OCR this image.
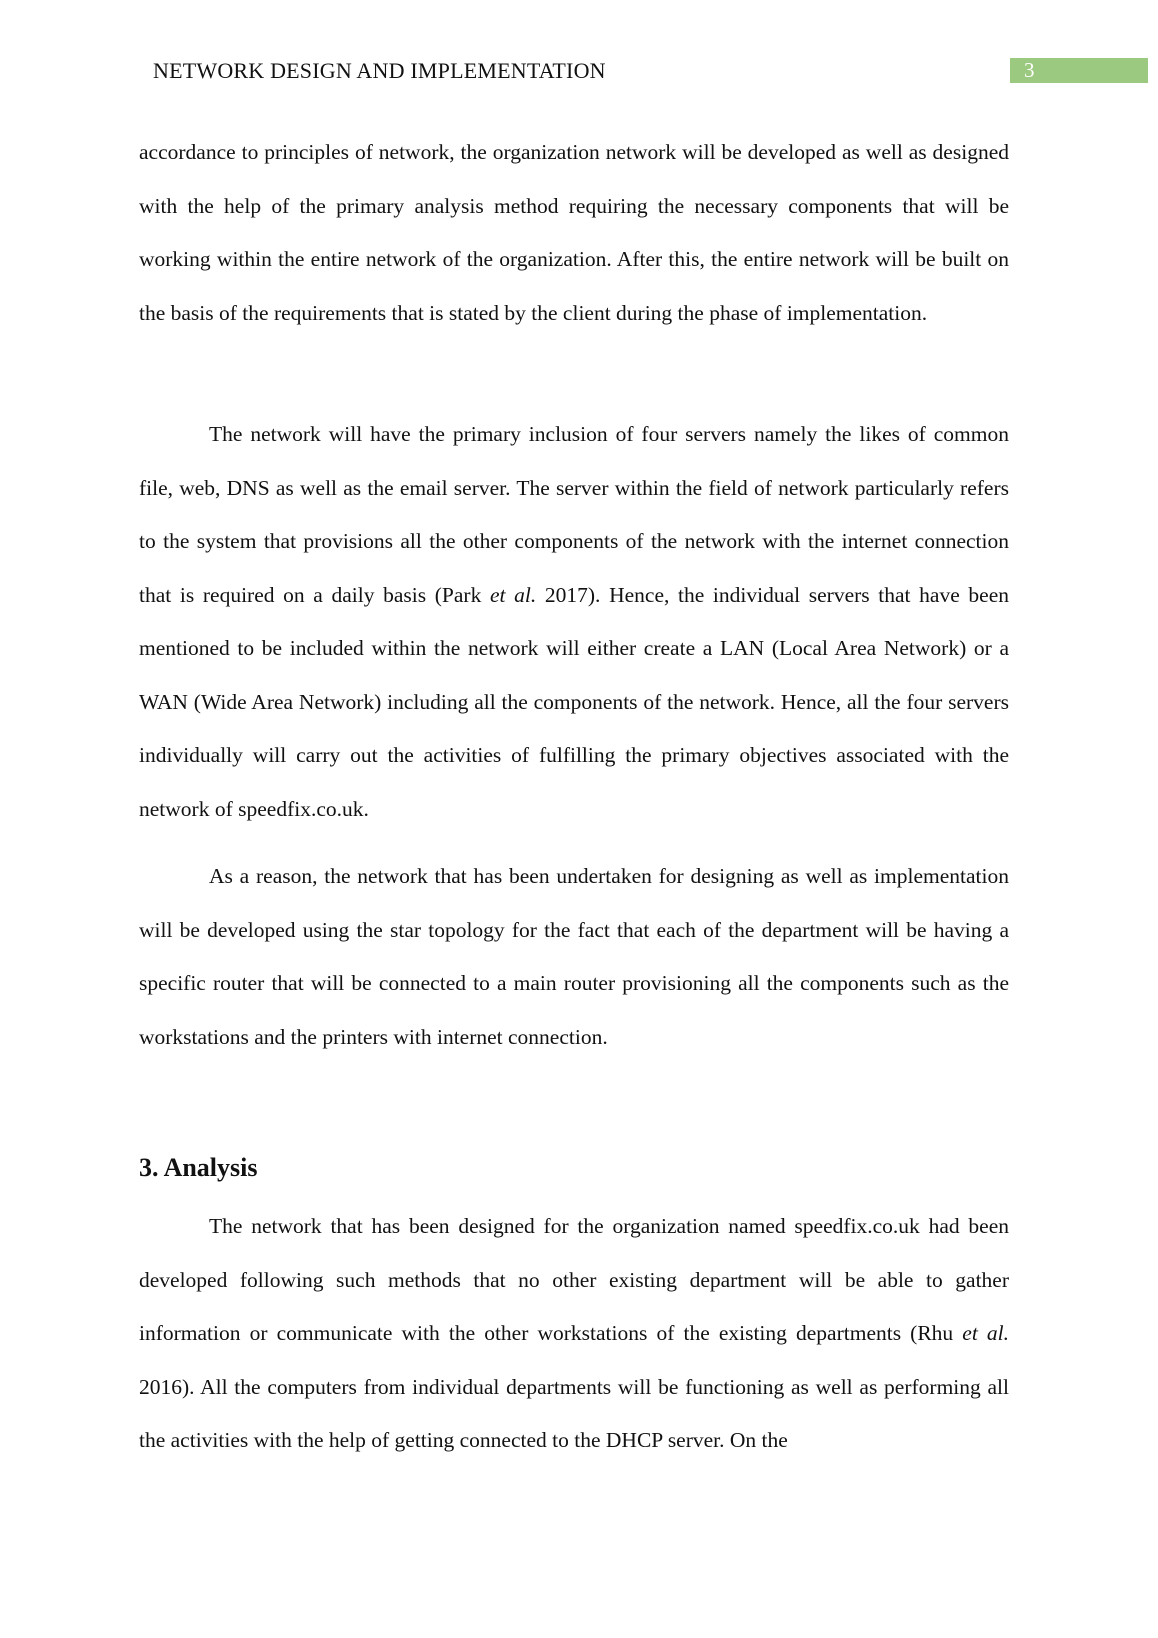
NETWORK DESIGN AND IMPLEMENTATION	3

accordance to principles of network, the organization network will be developed as well as designed with the help of the primary analysis method requiring the necessary components that will be working within the entire network of the organization. After this, the entire network will be built on the basis of the requirements that is stated by the client during the phase of implementation.

The network will have the primary inclusion of four servers namely the likes of common file, web, DNS as well as the email server. The server within the field of network particularly refers to the system that provisions all the other components of the network with the internet connection that is required on a daily basis (Park et al. 2017). Hence, the individual servers that have been mentioned to be included within the network will either create a LAN (Local Area Network) or a WAN (Wide Area Network) including all the components of the network. Hence, all the four servers individually will carry out the activities of fulfilling the primary objectives associated with the network of speedfix.co.uk.

As a reason, the network that has been undertaken for designing as well as implementation will be developed using the star topology for the fact that each of the department will be having a specific router that will be connected to a main router provisioning all the components such as the workstations and the printers with internet connection.

3. Analysis

The network that has been designed for the organization named speedfix.co.uk had been developed following such methods that no other existing department will be able to gather information or communicate with the other workstations of the existing departments (Rhu et al. 2016). All the computers from individual departments will be functioning as well as performing all the activities with the help of getting connected to the DHCP server. On the
